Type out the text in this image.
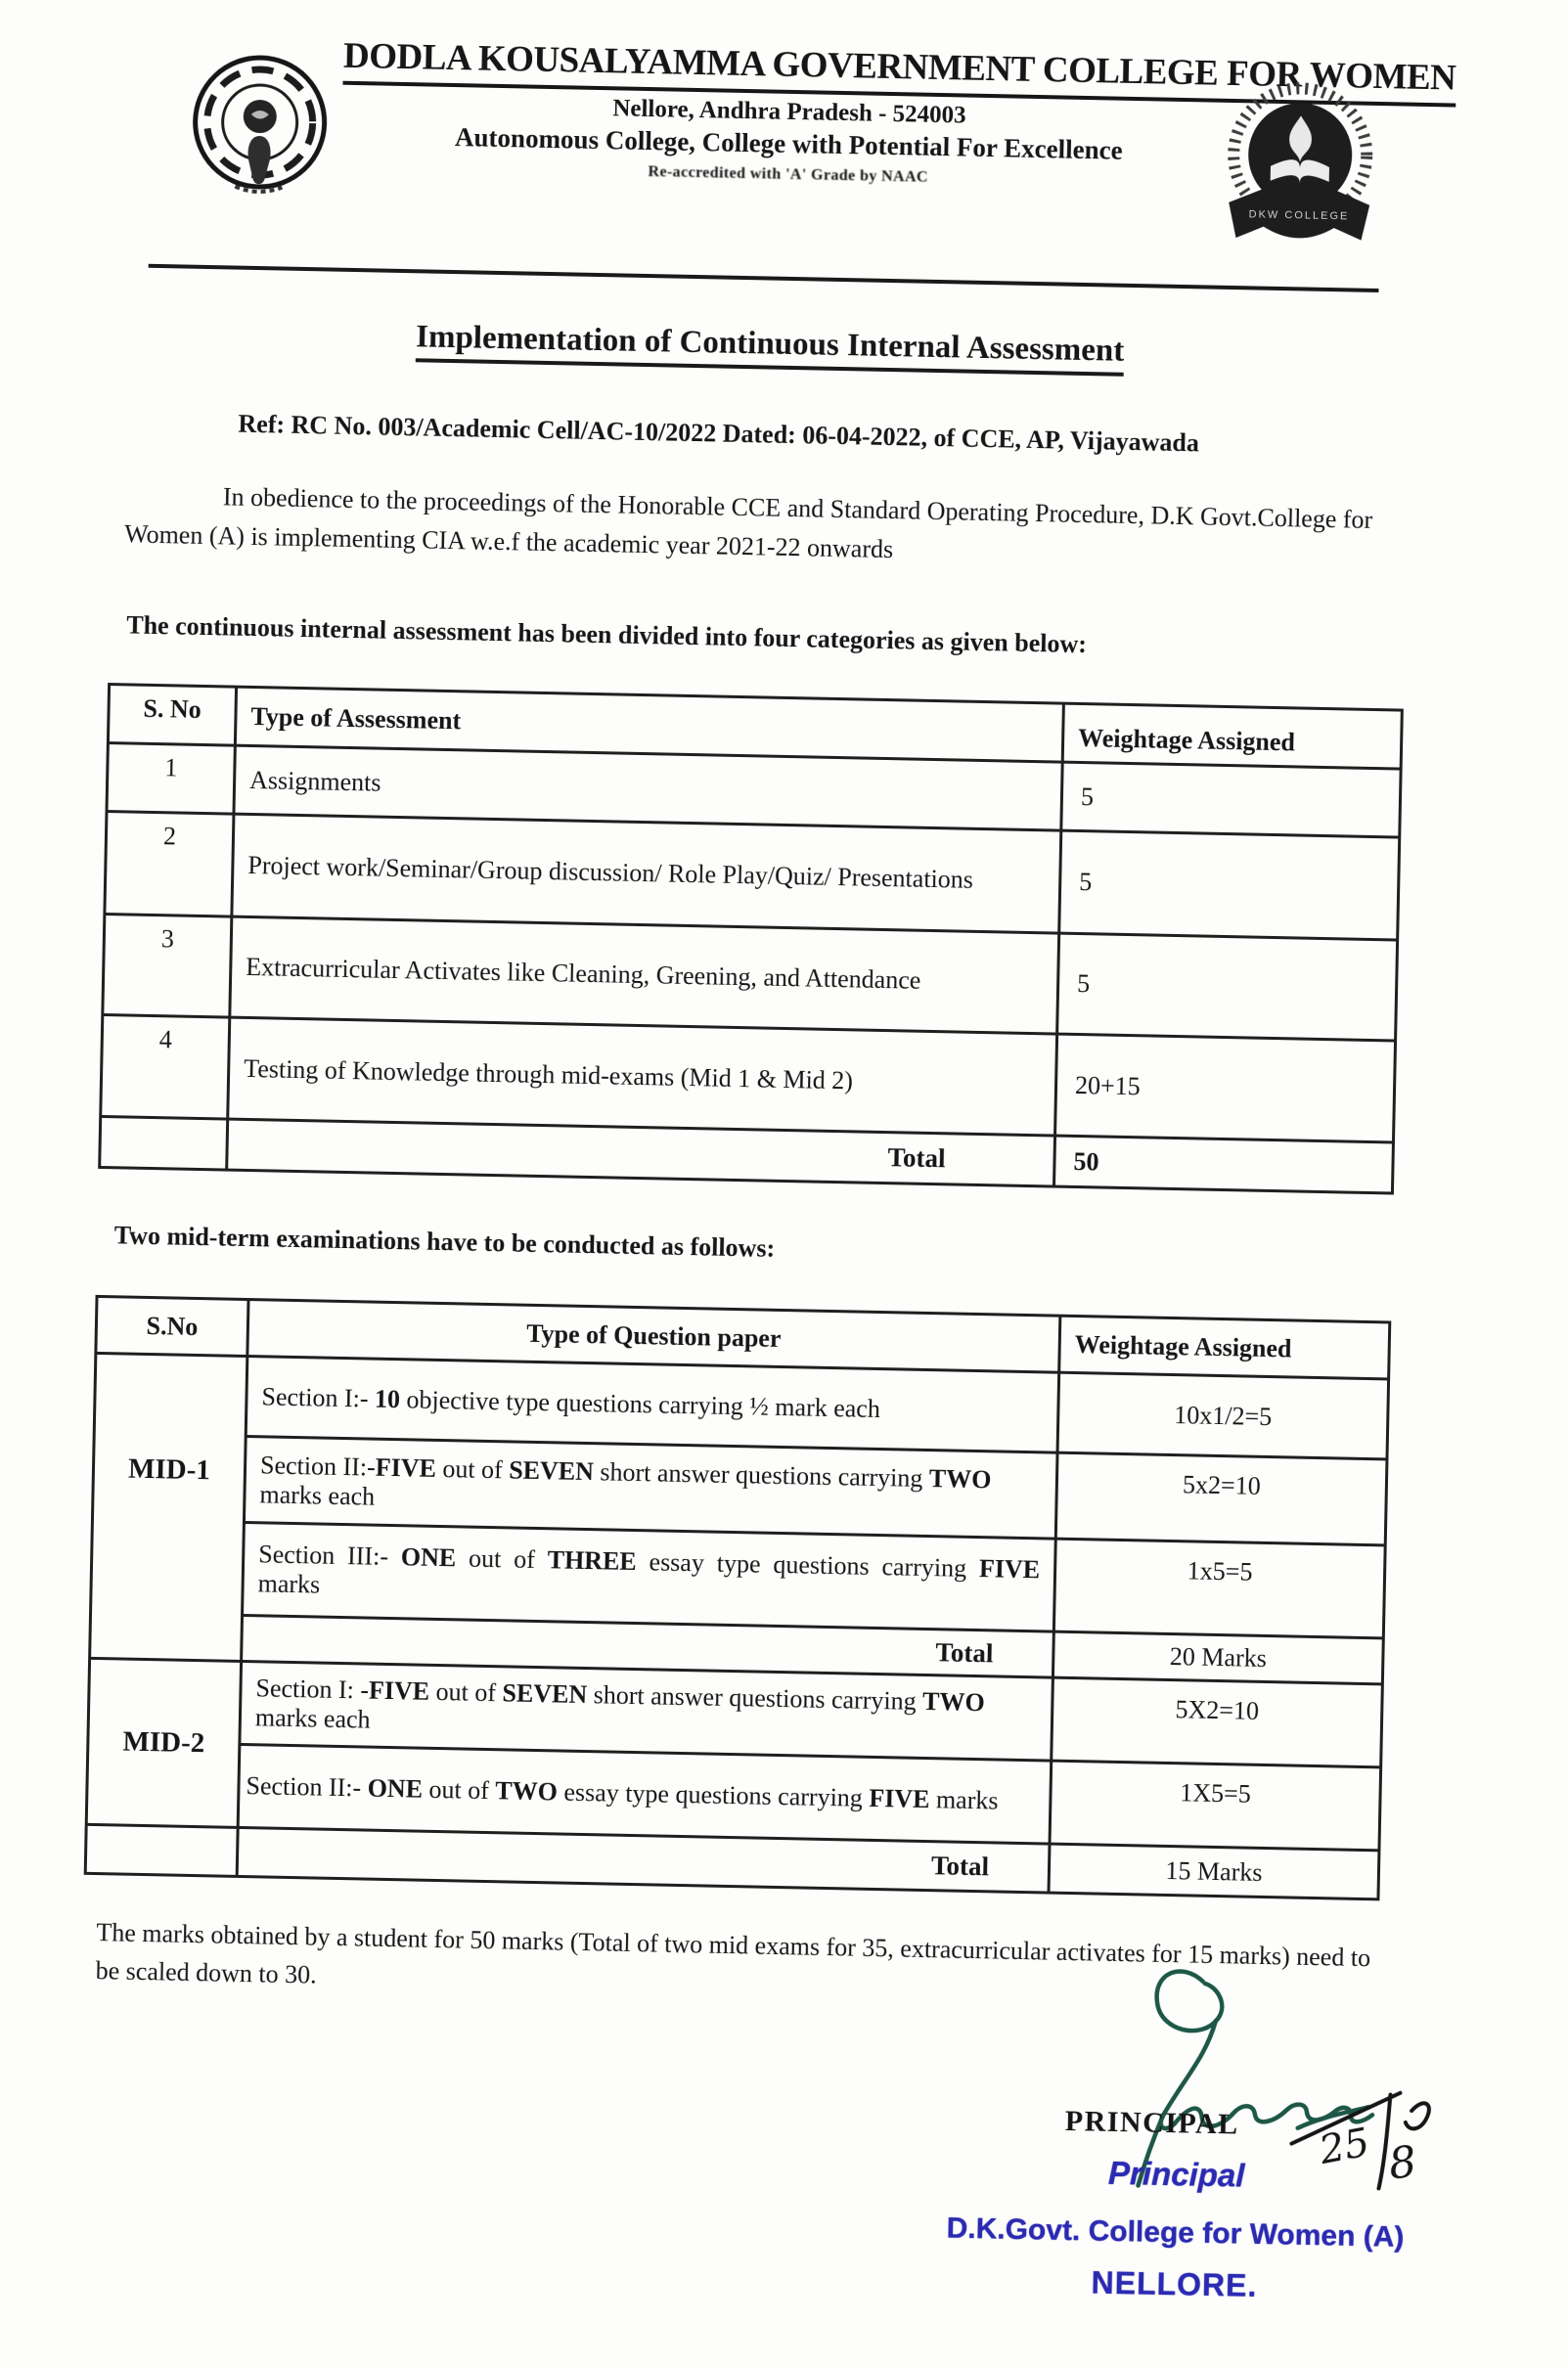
DODLA KOUSALYAMMA GOVERNMENT COLLEGE FOR WOMEN
Nellore, Andhra Pradesh - 524003
Autonomous College, College with Potential For Excellence
Re-accredited with 'A' Grade by NAAC
DKW COLLEGE
Implementation of Continuous Internal Assessment
Ref: RC No. 003/Academic Cell/AC-10/2022 Dated: 06-04-2022, of CCE, AP, Vijayawada
In obedience to the proceedings of the Honorable CCE and Standard Operating Procedure, D.K Govt.College for Women (A) is implementing CIA w.e.f the academic year 2021-22 onwards
The continuous internal assessment has been divided into four categories as given below:
S. No	Type of Assessment	Weightage Assigned
1	Assignments	5
2	Project work/Seminar/Group discussion/ Role Play/Quiz/ Presentations	5
3	Extracurricular Activates like Cleaning, Greening, and Attendance	5
4	Testing of Knowledge through mid-exams (Mid 1 & Mid 2)	20+15
	Total	50
Two mid-term examinations have to be conducted as follows:
S.No	Type of Question paper	Weightage Assigned
MID-1	Section I:- 10 objective type questions carrying ½ mark each	10x1/2=5
	Section II:-FIVE out of SEVEN short answer questions carrying TWO marks each	5x2=10
	Section III:- ONE out of THREE essay type questions carrying FIVE marks	1x5=5
	Total	20 Marks
MID-2	Section I: -FIVE out of SEVEN short answer questions carrying TWO marks each	5X2=10
	Section II:- ONE out of TWO essay type questions carrying FIVE marks	1X5=5
	Total	15 Marks
The marks obtained by a student for 50 marks (Total of two mid exams for 35, extracurricular activates for 15 marks) need to be scaled down to 30.
25 8
PRINCIPAL
Principal
D.K.Govt. College for Women (A)
NELLORE.
